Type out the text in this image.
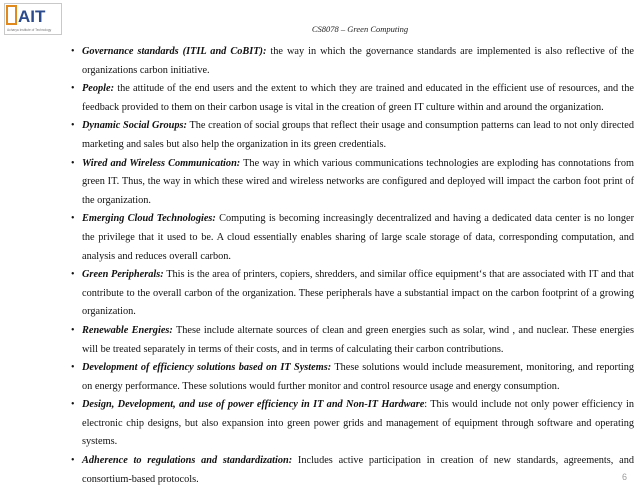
AIT
Acharya Institute of Technology	CS8078 – Green Computing
• Governance standards (ITIL and CoBIT): the way in which the governance standards are implemented is also reflective of the organizations carbon initiative.
• People: the attitude of the end users and the extent to which they are trained and educated in the efficient use of resources, and the feedback provided to them on their carbon usage is vital in the creation of green IT culture within and around the organization.
• Dynamic Social Groups: The creation of social groups that reflect their usage and consumption patterns can lead to not only directed marketing and sales but also help the organization in its green credentials.
• Wired and Wireless Communication: The way in which various communications technologies are exploding has connotations from green IT. Thus, the way in which these wired and wireless networks are configured and deployed will impact the carbon foot print of the organization.
• Emerging Cloud Technologies: Computing is becoming increasingly decentralized and having a dedicated data center is no longer the privilege that it used to be. A cloud essentially enables sharing of large scale storage of data, corresponding computation, and analysis and reduces overall carbon.
• Green Peripherals: This is the area of printers, copiers, shredders, and similar office equipment‘s that are associated with IT and that contribute to the overall carbon of the organization. These peripherals have a substantial impact on the carbon footprint of a growing organization.
• Renewable Energies: These include alternate sources of clean and green energies such as solar, wind , and nuclear. These energies will be treated separately in terms of their costs, and in terms of calculating their carbon contributions.
• Development of efficiency solutions based on IT Systems: These solutions would include measurement, monitoring, and reporting on energy performance. These solutions would further monitor and control resource usage and energy consumption.
• Design, Development, and use of power efficiency in IT and Non-IT Hardware: This would include not only power efficiency in electronic chip designs, but also expansion into green power grids and management of equipment through software and operating systems.
• Adherence to regulations and standardization: Includes active participation in creation of new standards, agreements, and consortium-based protocols.	6
